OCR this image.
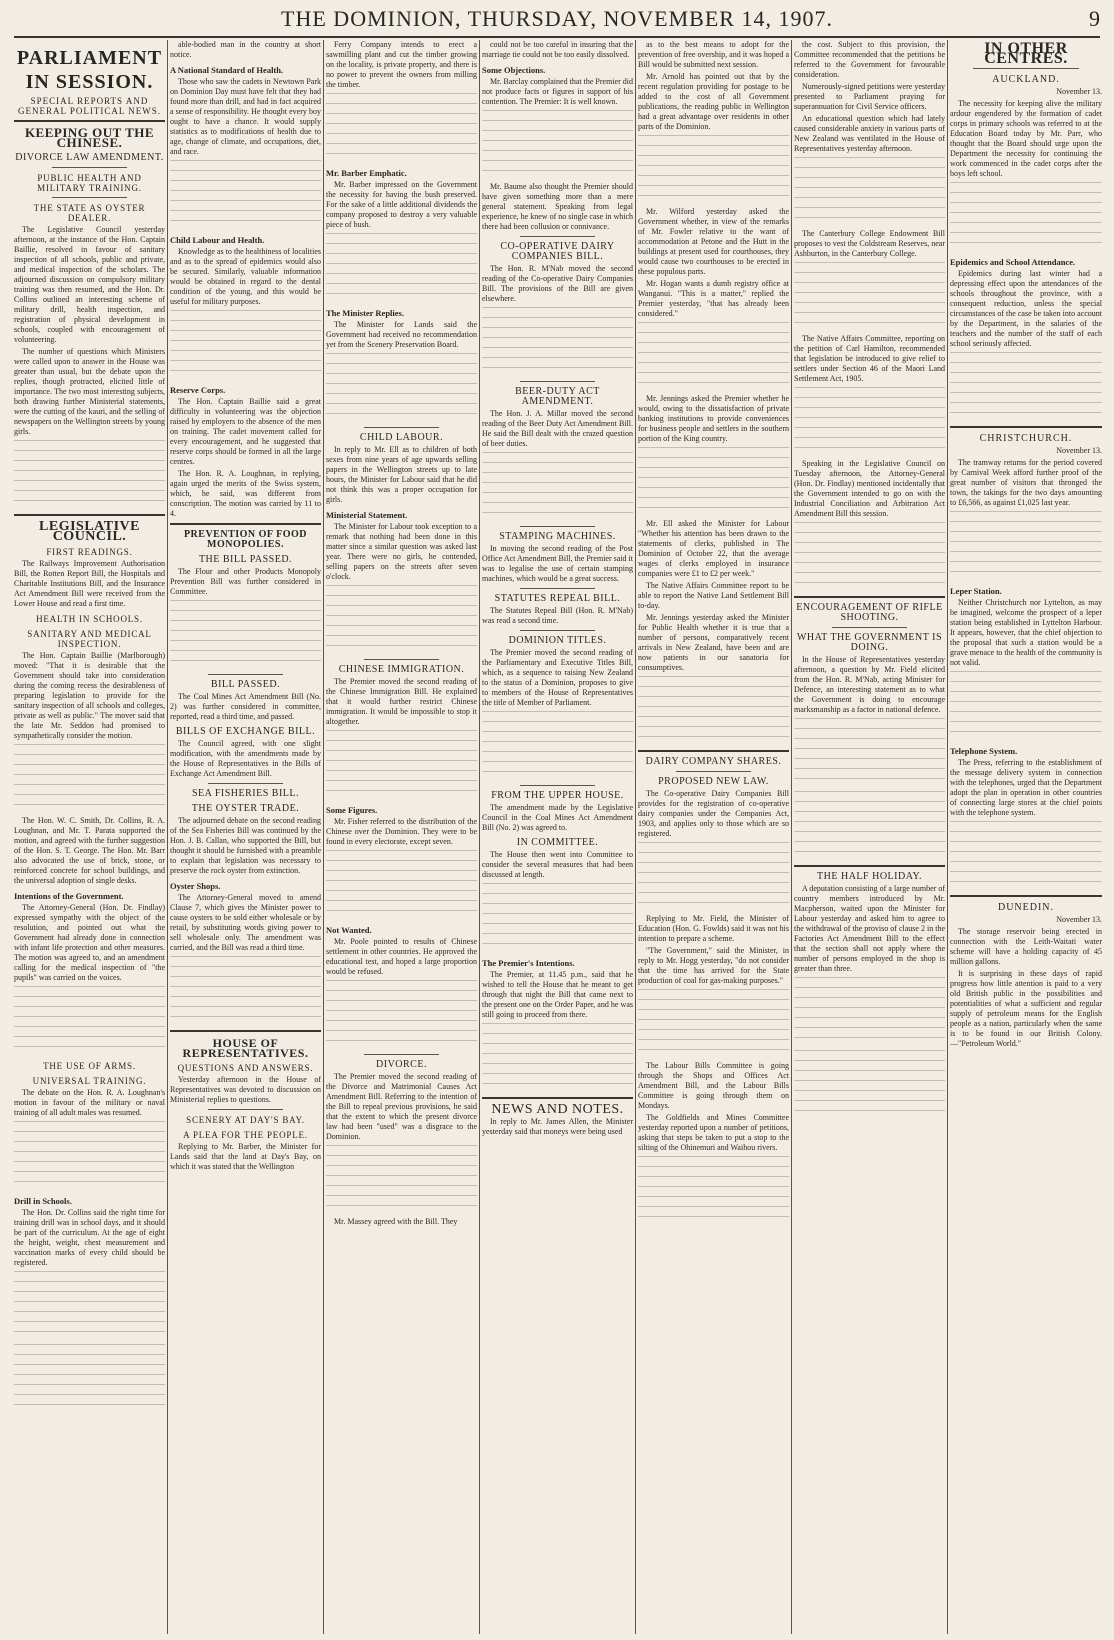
THE DOMINION, THURSDAY, NOVEMBER 14, 1907.	9
PARLIAMENT IN SESSION.
SPECIAL REPORTS AND GENERAL POLITICAL NEWS.
KEEPING OUT THE CHINESE.
DIVORCE LAW AMENDMENT.
PUBLIC HEALTH AND MILITARY TRAINING.
THE STATE AS OYSTER DEALER.

The Legislative Council yesterday afternoon, at the instance of the Hon. Captain Baillie, resolved in favour of sanitary inspection of all schools, public and private, and medical inspection of the scholars. The adjourned discussion on compulsory military training was then resumed, and the Hon. Dr. Collins outlined an interesting scheme of military drill, health inspection, and registration of physical development in schools, coupled with encouragement of volunteering.

The number of questions which Ministers were called upon to answer in the House was greater than usual, but the debate upon the replies, though protracted, elicited little of importance. The two most interesting subjects, both drawing further Ministerial statements, were the cutting of the kauri, and the selling of newspapers on the Wellington streets by young girls.

LEGISLATIVE COUNCIL.
FIRST READINGS.

The Railways Improvement Authorisation Bill, the Rotten Report Bill, the Hospitals and Charitable Institutions Bill, and the Insurance Act Amendment Bill were received from the Lower House and read a first time.

HEALTH IN SCHOOLS.
SANITARY AND MEDICAL INSPECTION.

The Hon. Captain Baillie (Marlborough) moved: "That it is desirable that the Government should take into consideration during the coming recess the desirableness of preparing legislation to provide for the sanitary inspection of all schools and colleges, private as well as public." The mover said that the late Mr. Seddon had promised to sympathetically consider the motion.

The Hon. W. C. Smith, Dr. Collins, R. A. Loughnan, and Mr. T. Parata supported the motion, and agreed with the further suggestion of the Hon. S. T. George. The Hon. Mr. Barr also advocated the use of brick, stone, or reinforced concrete for school buildings, and the universal adoption of single desks.

Intentions of the Government.

The Attorney-General (Hon. Dr. Findlay) expressed sympathy with the object of the resolution, and pointed out what the Government had already done in connection with infant life protection and other measures. The motion was agreed to, and an amendment calling for the medical inspection of "the pupils" was carried on the voices.

THE USE OF ARMS.
UNIVERSAL TRAINING.

The debate on the Hon. R. A. Loughnan's motion in favour of the military or naval training of all adult males was resumed.

Drill in Schools.

The Hon. Dr. Collins said the right time for training drill was in school days, and it should be part of the curriculum. At the age of eight the height, weight, chest measurement and vaccination marks of every child should be registered.

able-bodied man in the country at short notice.

A National Standard of Health.

Those who saw the cadets in Newtown Park on Dominion Day must have felt that they had found more than drill, and had in fact acquired a sense of responsibility. He thought every boy ought to have a chance. It would supply statistics as to modifications of health due to age, change of climate, and occupations, diet, and race.

Child Labour and Health.

Knowledge as to the healthiness of localities and as to the spread of epidemics would also be secured. Similarly, valuable information would be obtained in regard to the dental condition of the young, and this would be useful for military purposes.

Reserve Corps.

The Hon. Captain Baillie said a great difficulty in volunteering was the objection raised by employers to the absence of the men on training. The cadet movement called for every encouragement, and he suggested that reserve corps should be formed in all the large centres.

The Hon. R. A. Loughnan, in replying, again urged the merits of the Swiss system, which, he said, was different from conscription. The motion was carried by 11 to 4.

PREVENTION OF FOOD MONOPOLIES.
THE BILL PASSED.

The Flour and other Products Monopoly Prevention Bill was further considered in Committee.

BILL PASSED.

The Coal Mines Act Amendment Bill (No. 2) was further considered in committee, reported, read a third time, and passed.

BILLS OF EXCHANGE BILL.

The Council agreed, with one slight modification, with the amendments made by the House of Representatives in the Bills of Exchange Act Amendment Bill.

SEA FISHERIES BILL.
THE OYSTER TRADE.

The adjourned debate on the second reading of the Sea Fisheries Bill was continued by the Hon. J. B. Callan, who supported the Bill, but thought it should be furnished with a preamble to explain that legislation was necessary to preserve the rock oyster from extinction.

Oyster Shops.

The Attorney-General moved to amend Clause 7, which gives the Minister power to cause oysters to be sold either wholesale or by retail, by substituting words giving power to sell wholesale only. The amendment was carried, and the Bill was read a third time.

HOUSE OF REPRESENTATIVES.
QUESTIONS AND ANSWERS.

Yesterday afternoon in the House of Representatives was devoted to discussion on Ministerial replies to questions.

SCENERY AT DAY'S BAY.
A PLEA FOR THE PEOPLE.

Replying to Mr. Barber, the Minister for Lands said that the land at Day's Bay, on which it was stated that the Wellington

Ferry Company intends to erect a sawmilling plant and cut the timber growing on the locality, is private property, and there is no power to prevent the owners from milling the timber.

Mr. Barber Emphatic.

Mr. Barber impressed on the Government the necessity for having the bush preserved. For the sake of a little additional dividends the company proposed to destroy a very valuable piece of bush.

The Minister Replies.

The Minister for Lands said the Government had received no recommendation yet from the Scenery Preservation Board.

CHILD LABOUR.

In reply to Mr. Ell as to children of both sexes from nine years of age upwards selling papers in the Wellington streets up to late hours, the Minister for Labour said that he did not think this was a proper occupation for girls.

Ministerial Statement.

The Minister for Labour took exception to a remark that nothing had been done in this matter since a similar question was asked last year. There were no girls, he contended, selling papers on the streets after seven o'clock.

CHINESE IMMIGRATION.

The Premier moved the second reading of the Chinese Immigration Bill. He explained that it would further restrict Chinese immigration. It would be impossible to stop it altogether.

Some Figures.

Mr. Fisher referred to the distribution of the Chinese over the Dominion. They were to be found in every electorate, except seven.

Not Wanted.

Mr. Poole pointed to results of Chinese settlement in other countries. He approved the educational test, and hoped a large proportion would be refused.

DIVORCE.

The Premier moved the second reading of the Divorce and Matrimonial Causes Act Amendment Bill. Referring to the intention of the Bill to repeal previous provisions, he said that the extent to which the present divorce law had been "used" was a disgrace to the Dominion.

Mr. Massey agreed with the Bill. They

could not be too careful in insuring that the marriage tie could not be too easily dissolved.

Some Objections.

Mr. Barclay complained that the Premier did not produce facts or figures in support of his contention. The Premier: It is well known.

Mr. Baume also thought the Premier should have given something more than a mere general statement. Speaking from legal experience, he knew of no single case in which there had been collusion or connivance.

CO-OPERATIVE DAIRY COMPANIES BILL.

The Hon. R. M'Nab moved the second reading of the Co-operative Dairy Companies Bill. The provisions of the Bill are given elsewhere.

BEER-DUTY ACT AMENDMENT.

The Hon. J. A. Millar moved the second reading of the Beer Duty Act Amendment Bill. He said the Bill dealt with the crazed question of beer duties.

STAMPING MACHINES.

In moving the second reading of the Post Office Act Amendment Bill, the Premier said it was to legalise the use of certain stamping machines, which would be a great success.

STATUTES REPEAL BILL.

The Statutes Repeal Bill (Hon. R. M'Nab) was read a second time.

DOMINION TITLES.

The Premier moved the second reading of the Parliamentary and Executive Titles Bill, which, as a sequence to raising New Zealand to the status of a Dominion, proposes to give to members of the House of Representatives the title of Member of Parliament.

FROM THE UPPER HOUSE.

The amendment made by the Legislative Council in the Coal Mines Act Amendment Bill (No. 2) was agreed to.

IN COMMITTEE.

The House then went into Committee to consider the several measures that had been discussed at length.

The Premier's Intentions.

The Premier, at 11.45 p.m., said that he wished to tell the House that he meant to get through that night the Bill that came next to the present one on the Order Paper, and he was still going to proceed from there.

NEWS AND NOTES.

In reply to Mr. James Allen, the Minister yesterday said that moneys were being used

as to the best means to adopt for the prevention of free overship, and it was hoped a Bill would be submitted next session.

Mr. Arnold has pointed out that by the recent regulation providing for postage to be added to the cost of all Government publications, the reading public in Wellington had a great advantage over residents in other parts of the Dominion.

Mr. Wilford yesterday asked the Government whether, in view of the remarks of Mr. Fowler relative to the want of accommodation at Petone and the Hutt in the buildings at present used for courthouses, they would cause two courthouses to be erected in these populous parts.

Mr. Hogan wants a dumb registry office at Wanganui. "This is a matter," replied the Premier yesterday, "that has already been considered."

Mr. Jennings asked the Premier whether he would, owing to the dissatisfaction of private banking institutions to provide conveniences for business people and settlers in the southern portion of the King country.

Mr. Ell asked the Minister for Labour "Whether his attention has been drawn to the statements of clerks, published in The Dominion of October 22, that the average wages of clerks employed in insurance companies were £1 to £2 per week."

The Native Affairs Committee report to be able to report the Native Land Settlement Bill to-day.

Mr. Jennings yesterday asked the Minister for Public Health whether it is true that a number of persons, comparatively recent arrivals in New Zealand, have been and are now patients in our sanatoria for consumptives.

DAIRY COMPANY SHARES.
PROPOSED NEW LAW.

The Co-operative Dairy Companies Bill provides for the registration of co-operative dairy companies under the Companies Act, 1903, and applies only to those which are so registered.

Replying to Mr. Field, the Minister of Education (Hon. G. Fowlds) said it was not his intention to prepare a scheme.

"The Government," said the Minister, in reply to Mr. Hogg yesterday, "do not consider that the time has arrived for the State production of coal for gas-making purposes."

The Labour Bills Committee is going through the Shops and Offices Act Amendment Bill, and the Labour Bills Committee is going through them on Mondays.

The Goldfields and Mines Committee yesterday reported upon a number of petitions, asking that steps be taken to put a stop to the silting of the Ohinemuri and Waihou rivers.

the cost. Subject to this provision, the Committee recommended that the petitions be referred to the Government for favourable consideration.

Numerously-signed petitions were yesterday presented to Parliament praying for superannuation for Civil Service officers.

An educational question which had lately caused considerable anxiety in various parts of New Zealand was ventilated in the House of Representatives yesterday afternoon.

The Canterbury College Endowment Bill proposes to vest the Coldstream Reserves, near Ashburton, in the Canterbury College.

The Native Affairs Committee, reporting on the petition of Carl Hamilton, recommended that legislation be introduced to give relief to settlers under Section 46 of the Maori Land Settlement Act, 1905.

Speaking in the Legislative Council on Tuesday afternoon, the Attorney-General (Hon. Dr. Findlay) mentioned incidentally that the Government intended to go on with the Industrial Conciliation and Arbitration Act Amendment Bill this session.

ENCOURAGEMENT OF RIFLE SHOOTING.
WHAT THE GOVERNMENT IS DOING.

In the House of Representatives yesterday afternoon, a question by Mr. Field elicited from the Hon. R. M'Nab, acting Minister for Defence, an interesting statement as to what the Government is doing to encourage marksmanship as a factor in national defence.

THE HALF HOLIDAY.

A deputation consisting of a large number of country members introduced by Mr. Macpherson, waited upon the Minister for Labour yesterday and asked him to agree to the withdrawal of the proviso of clause 2 in the Factories Act Amendment Bill to the effect that the section shall not apply where the number of persons employed in the shop is greater than three.

IN OTHER CENTRES.
AUCKLAND.
November 13.

The necessity for keeping alive the military ardour engendered by the formation of cadet corps in primary schools was referred to at the Education Board today by Mr. Parr, who thought that the Board should urge upon the Department the necessity for continuing the work commenced in the cadet corps after the boys left school.

Epidemics and School Attendance.

Epidemics during last winter had a depressing effect upon the attendances of the schools throughout the province, with a consequent reduction, unless the special circumstances of the case be taken into account by the Department, in the salaries of the teachers and the number of the staff of each school seriously affected.

CHRISTCHURCH.
November 13.

The tramway returns for the period covered by Carnival Week afford further proof of the great number of visitors that thronged the town, the takings for the two days amounting to £6,566, as against £1,025 last year.

Leper Station.

Neither Christchurch nor Lyttelton, as may be imagined, welcome the prospect of a leper station being established in Lyttelton Harbour. It appears, however, that the chief objection to the proposal that such a station would be a grave menace to the health of the community is not valid.

Telephone System.

The Press, referring to the establishment of the message delivery system in connection with the telephones, urged that the Department adopt the plan in operation in other countries of connecting large stores at the chief points with the telephone system.

DUNEDIN.
November 13.

The storage reservoir being erected in connection with the Leith-Waitati water scheme will have a holding capacity of 45 million gallons.

It is surprising in these days of rapid progress how little attention is paid to a very old British public in the possibilities and potentialities of what a sufficient and regular supply of petroleum means for the English people as a nation, particularly when the same is to be found in our British Colony.—"Petroleum World."
